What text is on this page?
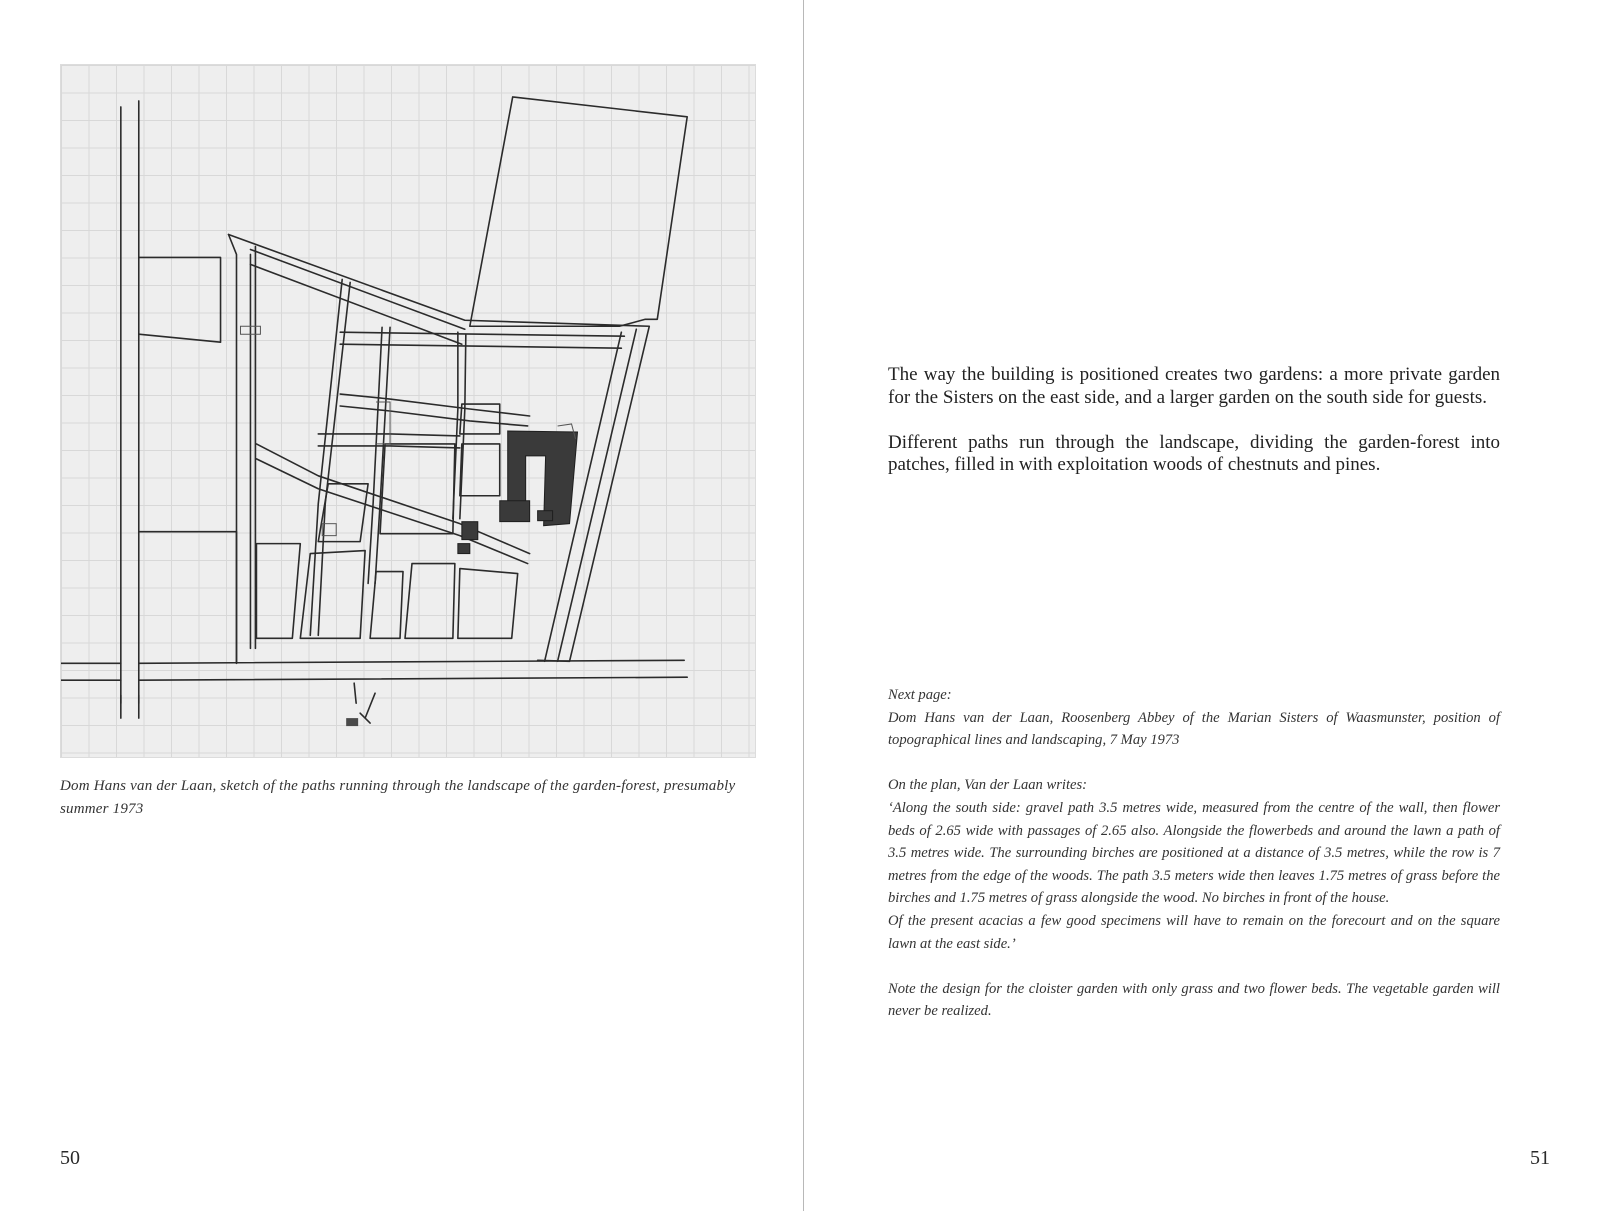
Dom Hans van der Laan, sketch of the paths running through the landscape of the garden-forest, presumably summer 1973
50

The way the building is positioned creates two gardens: a more private garden for the Sisters on the east side, and a larger garden on the south side for guests.

Different paths run through the landscape, dividing the garden-forest into patches, filled in with exploitation woods of chestnuts and pines.

Next page:

Dom Hans van der Laan, Roosenberg Abbey of the Marian Sisters of Waasmunster, position of topographical lines and landscaping, 7 May 1973

On the plan, Van der Laan writes:

‘Along the south side: gravel path 3.5 metres wide, measured from the centre of the wall, then flower beds of 2.65 wide with passages of 2.65 also. Alongside the flowerbeds and around the lawn a path of 3.5 metres wide. The surrounding birches are positioned at a distance of 3.5 metres, while the row is 7 metres from the edge of the woods. The path 3.5 meters wide then leaves 1.75 metres of grass before the birches and 1.75 metres of grass alongside the wood. No birches in front of the house.

Of the present acacias a few good specimens will have to remain on the forecourt and on the square lawn at the east side.’

Note the design for the cloister garden with only grass and two flower beds. The vegetable garden will never be realized.

51
